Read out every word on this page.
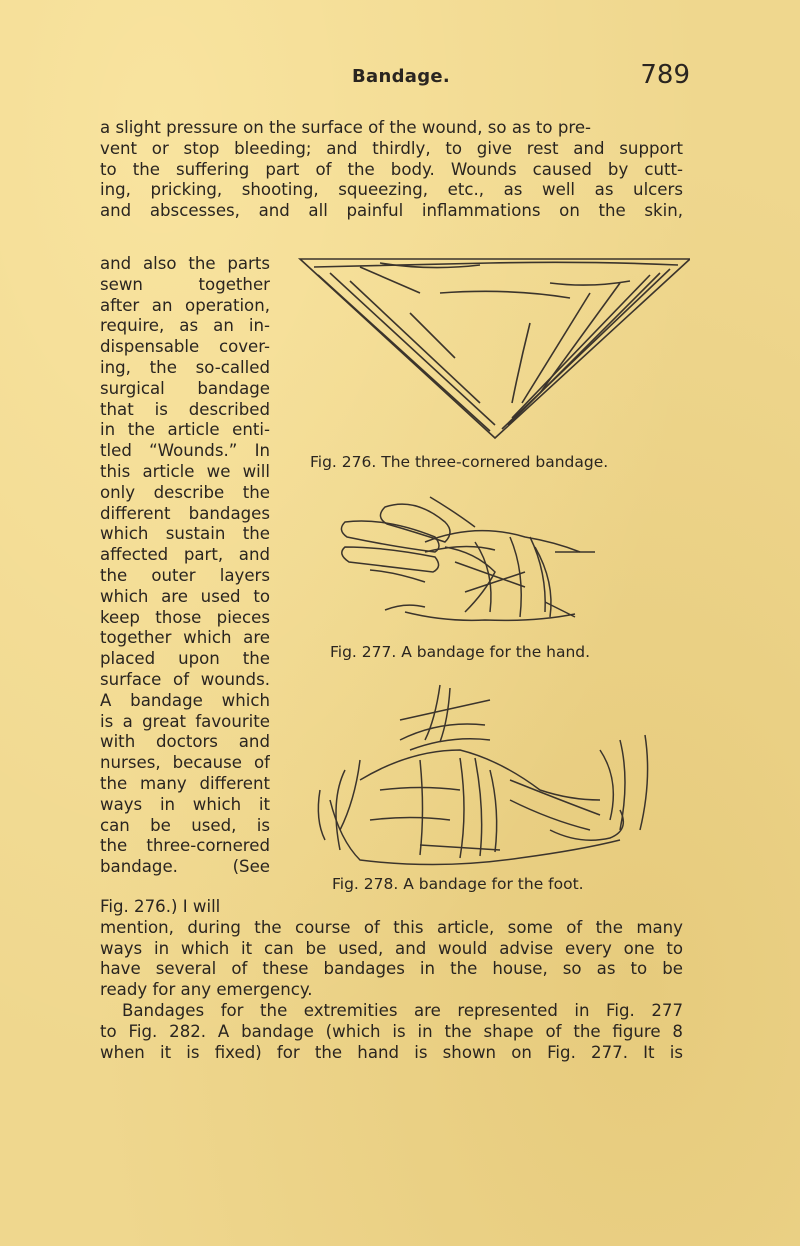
Bandage.	789
a slight pressure on the surface of the wound, so as to pre-
vent or stop bleeding; and thirdly, to give rest and support
to the suffering part of the body. Wounds caused by cutt-
ing, pricking, shooting, squeezing, etc., as well as ulcers
and abscesses, and all painful inflammations on the skin,
and also the parts
sewn together
after an operation,
require, as an in-
dispensable cover-
ing, the so-called
surgical bandage
that is described
in the article enti-
tled “Wounds.” In
this article we will
only describe the
different bandages
which sustain the
affected part, and
the outer layers
which are used to
keep those pieces
together which are
placed upon the
surface of wounds.
A bandage which
is a great favourite
with doctors and
nurses, because of
the many different
ways in which it
can be used, is
the three-cornered
bandage. (See
Fig. 276. The three-cornered bandage.
Fig. 277. A bandage for the hand.
Fig. 278. A bandage for the foot.
Fig. 276.) I will
mention, during the course of this article, some of the many
ways in which it can be used, and would advise every one to
have several of these bandages in the house, so as to be
ready for any emergency.
Bandages for the extremities are represented in Fig. 277
to Fig. 282. A bandage (which is in the shape of the figure 8
when it is fixed) for the hand is shown on Fig. 277. It is
